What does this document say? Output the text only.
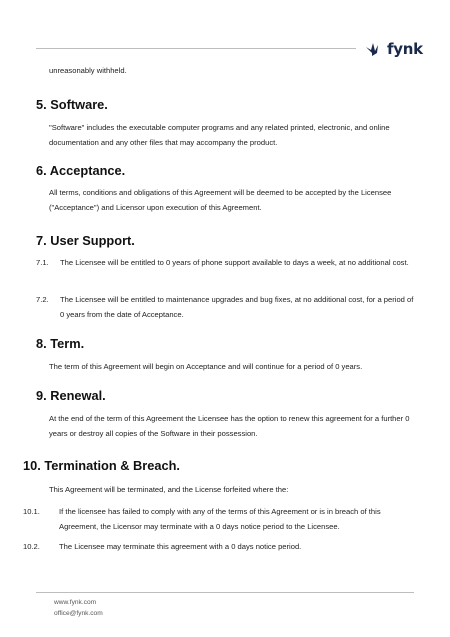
fynk

unreasonably withheld.

5. Software.

"Software" includes the executable computer programs and any related printed, electronic, and online documentation and any other files that may accompany the product.

6. Acceptance.

All terms, conditions and obligations of this Agreement will be deemed to be accepted by the Licensee ("Acceptance") and Licensor upon execution of this Agreement.

7. User Support.
7.1.	The Licensee will be entitled to 0 years of phone support available to days a week, at no additional cost.
7.2.	The Licensee will be entitled to maintenance upgrades and bug fixes, at no additional cost, for a period of 0 years from the date of Acceptance.
8. Term.

The term of this Agreement will begin on Acceptance and will continue for a period of 0 years.

9. Renewal.

At the end of the term of this Agreement the Licensee has the option to renew this agreement for a further 0 years or destroy all copies of the Software in their possession.

10. Termination & Breach.

This Agreement will be terminated, and the License forfeited where the:

10.1.	If the licensee has failed to comply with any of the terms of this Agreement or is in breach of this Agreement, the Licensor may terminate with a 0 days notice period to the Licensee.
10.2.	The Licensee may terminate this agreement with a 0 days notice period.
www.fynk.com
office@fynk.com
